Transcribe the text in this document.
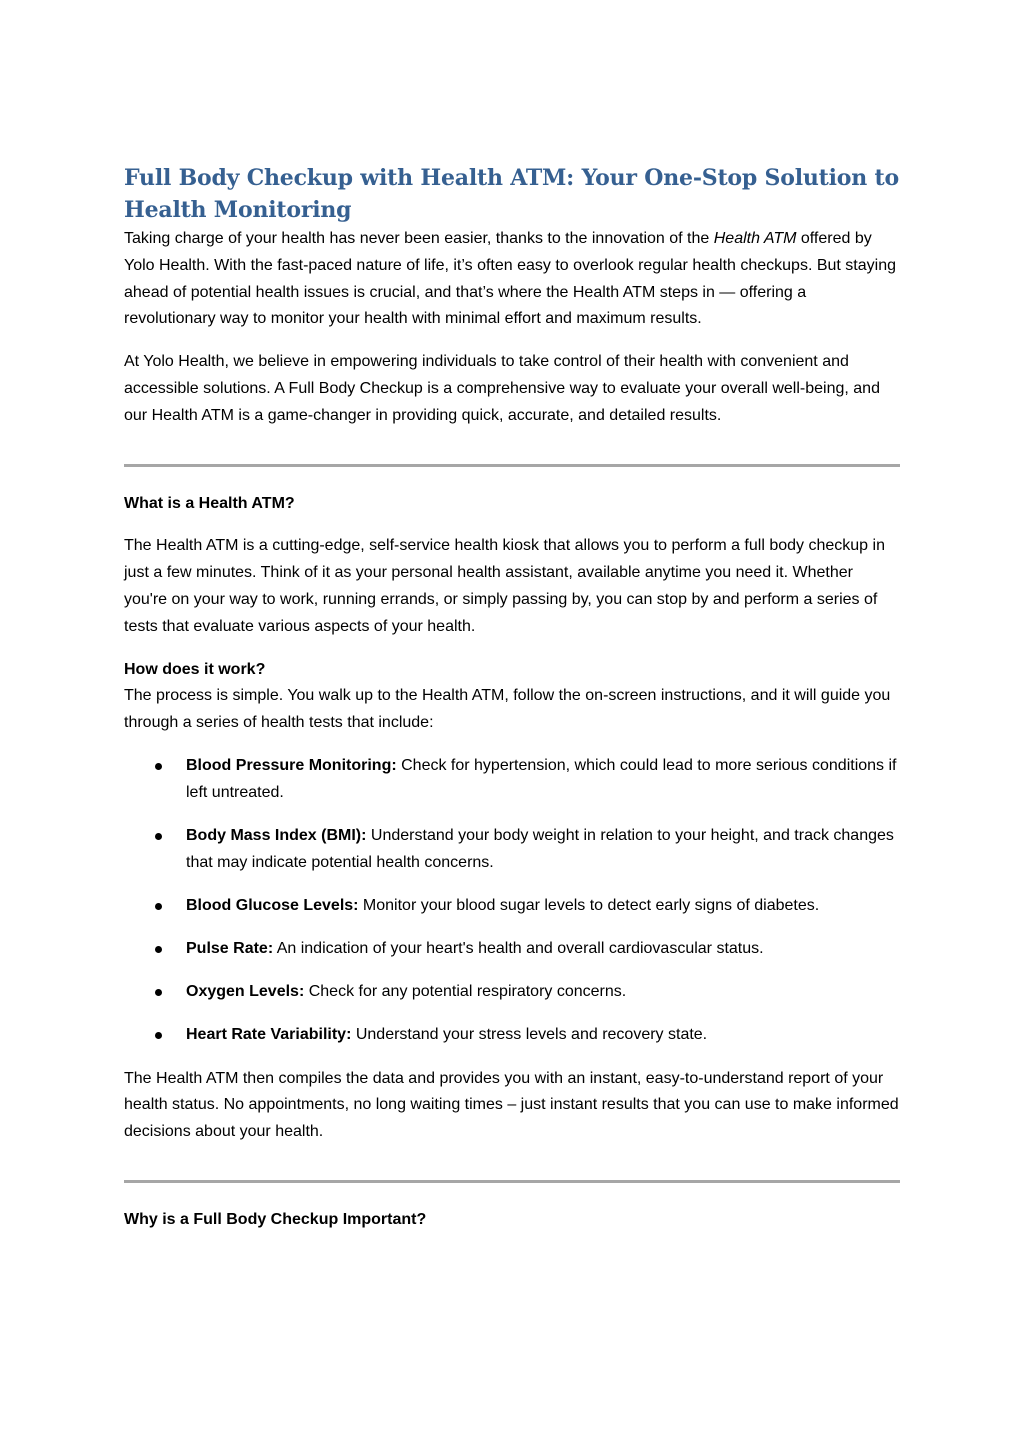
Full Body Checkup with Health ATM: Your One-Stop Solution to Health Monitoring

Taking charge of your health has never been easier, thanks to the innovation of the Health ATM offered by Yolo Health. With the fast-paced nature of life, it’s often easy to overlook regular health checkups. But staying ahead of potential health issues is crucial, and that’s where the Health ATM steps in — offering a revolutionary way to monitor your health with minimal effort and maximum results.

At Yolo Health, we believe in empowering individuals to take control of their health with convenient and accessible solutions. A Full Body Checkup is a comprehensive way to evaluate your overall well-being, and our Health ATM is a game-changer in providing quick, accurate, and detailed results.

What is a Health ATM?

The Health ATM is a cutting-edge, self-service health kiosk that allows you to perform a full body checkup in just a few minutes. Think of it as your personal health assistant, available anytime you need it. Whether you're on your way to work, running errands, or simply passing by, you can stop by and perform a series of tests that evaluate various aspects of your health.

How does it work?

The process is simple. You walk up to the Health ATM, follow the on-screen instructions, and it will guide you through a series of health tests that include:

Blood Pressure Monitoring: Check for hypertension, which could lead to more serious conditions if left untreated.
Body Mass Index (BMI): Understand your body weight in relation to your height, and track changes that may indicate potential health concerns.
Blood Glucose Levels: Monitor your blood sugar levels to detect early signs of diabetes.
Pulse Rate: An indication of your heart's health and overall cardiovascular status.
Oxygen Levels: Check for any potential respiratory concerns.
Heart Rate Variability: Understand your stress levels and recovery state.

The Health ATM then compiles the data and provides you with an instant, easy-to-understand report of your health status. No appointments, no long waiting times – just instant results that you can use to make informed decisions about your health.

Why is a Full Body Checkup Important?
